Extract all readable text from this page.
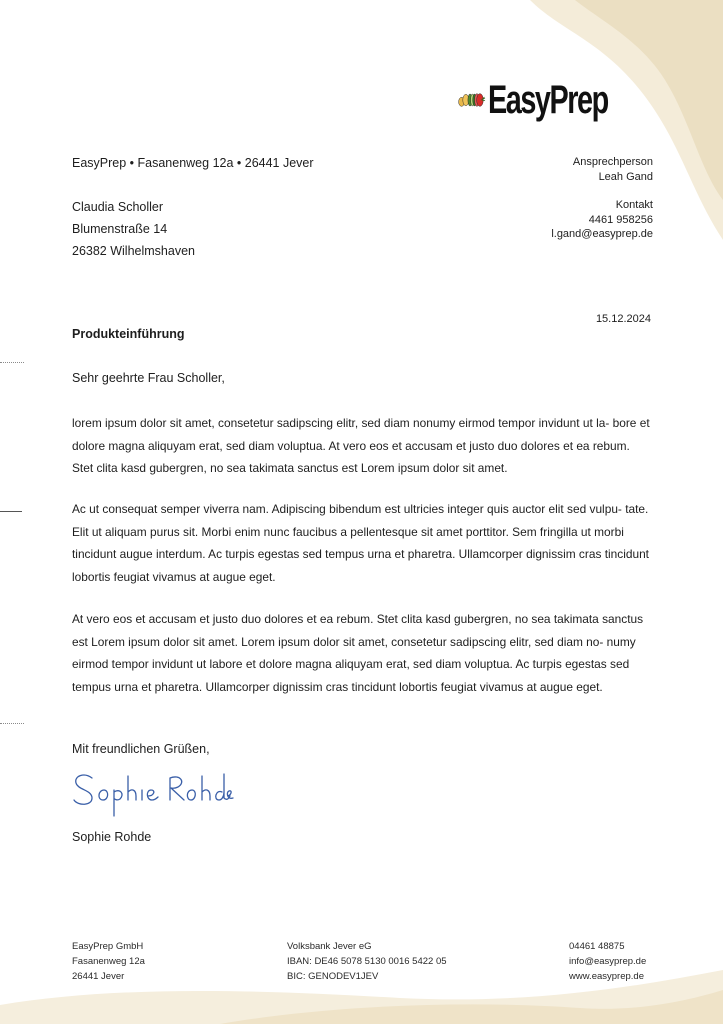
EasyPrep
EasyPrep • Fasanenweg 12a • 26441 Jever
Claudia Scholler
Blumenstraße 14
26382 Wilhelmshaven
Ansprechperson
Leah Gand
Kontakt
4461 958256
l.gand@easyprep.de
15.12.2024
Produkteinführung
Sehr geehrte Frau Scholler,
lorem ipsum dolor sit amet, consetetur sadipscing elitr, sed diam nonumy eirmod tempor invidunt ut la- bore et dolore magna aliquyam erat, sed diam voluptua. At vero eos et accusam et justo duo dolores et ea rebum. Stet clita kasd gubergren, no sea takimata sanctus est Lorem ipsum dolor sit amet.
Ac ut consequat semper viverra nam. Adipiscing bibendum est ultricies integer quis auctor elit sed vulpu- tate. Elit ut aliquam purus sit. Morbi enim nunc faucibus a pellentesque sit amet porttitor. Sem fringilla ut morbi tincidunt augue interdum. Ac turpis egestas sed tempus urna et pharetra. Ullamcorper dignissim cras tincidunt lobortis feugiat vivamus at augue eget.
At vero eos et accusam et justo duo dolores et ea rebum. Stet clita kasd gubergren, no sea takimata sanctus est Lorem ipsum dolor sit amet. Lorem ipsum dolor sit amet, consetetur sadipscing elitr, sed diam no- numy eirmod tempor invidunt ut labore et dolore magna aliquyam erat, sed diam voluptua. Ac turpis egestas sed tempus urna et pharetra. Ullamcorper dignissim cras tincidunt lobortis feugiat vivamus at augue eget.
Mit freundlichen Grüßen,
Sophie Rohde
EasyPrep GmbH
Fasanenweg 12a
26441 Jever
Volksbank Jever eG
IBAN: DE46 5078 5130 0016 5422 05
BIC: GENODEV1JEV
04461 48875
info@easyprep.de
www.easyprep.de
